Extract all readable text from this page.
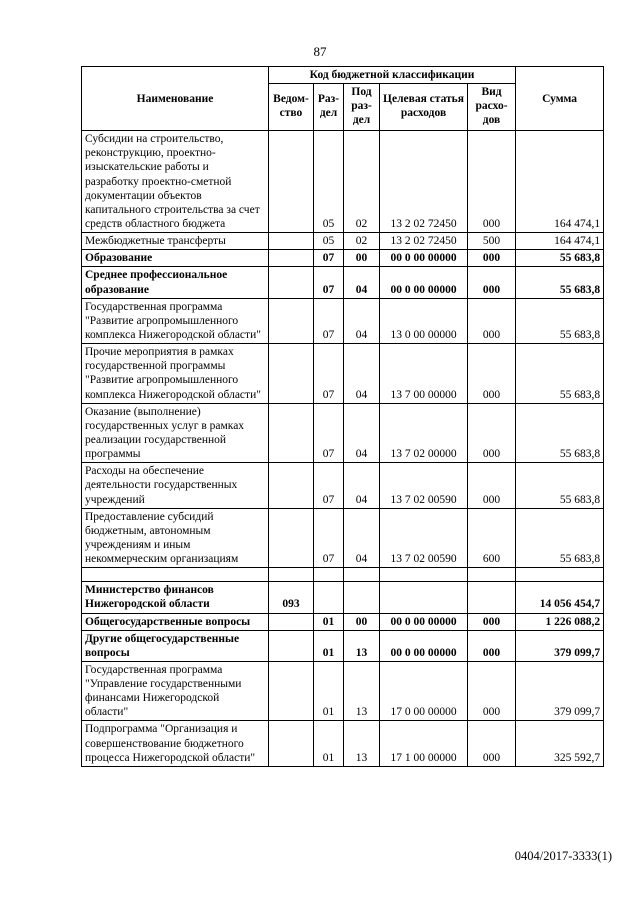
87
Наименование	Код бюджетной классификации					Сумма
	Ведом-ство	Раз-дел	Под раз-дел	Целевая статья расходов	Вид расхо-дов	
Субсидии на строительство, реконструкцию, проектно-изыскательские работы и разработку проектно-сметной документации объектов капитального строительства за счет средств областного бюджета		05	02	13 2 02 72450	000	164 474,1
Межбюджетные трансферты		05	02	13 2 02 72450	500	164 474,1
Образование		07	00	00 0 00 00000	000	55 683,8
Среднее профессиональное образование		07	04	00 0 00 00000	000	55 683,8
Государственная программа "Развитие агропромышленного комплекса Нижегородской области"		07	04	13 0 00 00000	000	55 683,8
Прочие мероприятия в рамках государственной программы "Развитие агропромышленного комплекса Нижегородской области"		07	04	13 7 00 00000	000	55 683,8
Оказание (выполнение) государственных услуг в рамках реализации государственной программы		07	04	13 7 02 00000	000	55 683,8
Расходы на обеспечение деятельности государственных учреждений		07	04	13 7 02 00590	000	55 683,8
Предоставление субсидий бюджетным, автономным учреждениям и иным некоммерческим организациям		07	04	13 7 02 00590	600	55 683,8

Министерство финансов Нижегородской области	093					14 056 454,7
Общегосударственные вопросы		01	00	00 0 00 00000	000	1 226 088,2
Другие общегосударственные вопросы		01	13	00 0 00 00000	000	379 099,7
Государственная программа "Управление государственными финансами Нижегородской области"		01	13	17 0 00 00000	000	379 099,7
Подпрограмма "Организация и совершенствование бюджетного процесса Нижегородской области"		01	13	17 1 00 00000	000	325 592,7
0404/2017-3333(1)
